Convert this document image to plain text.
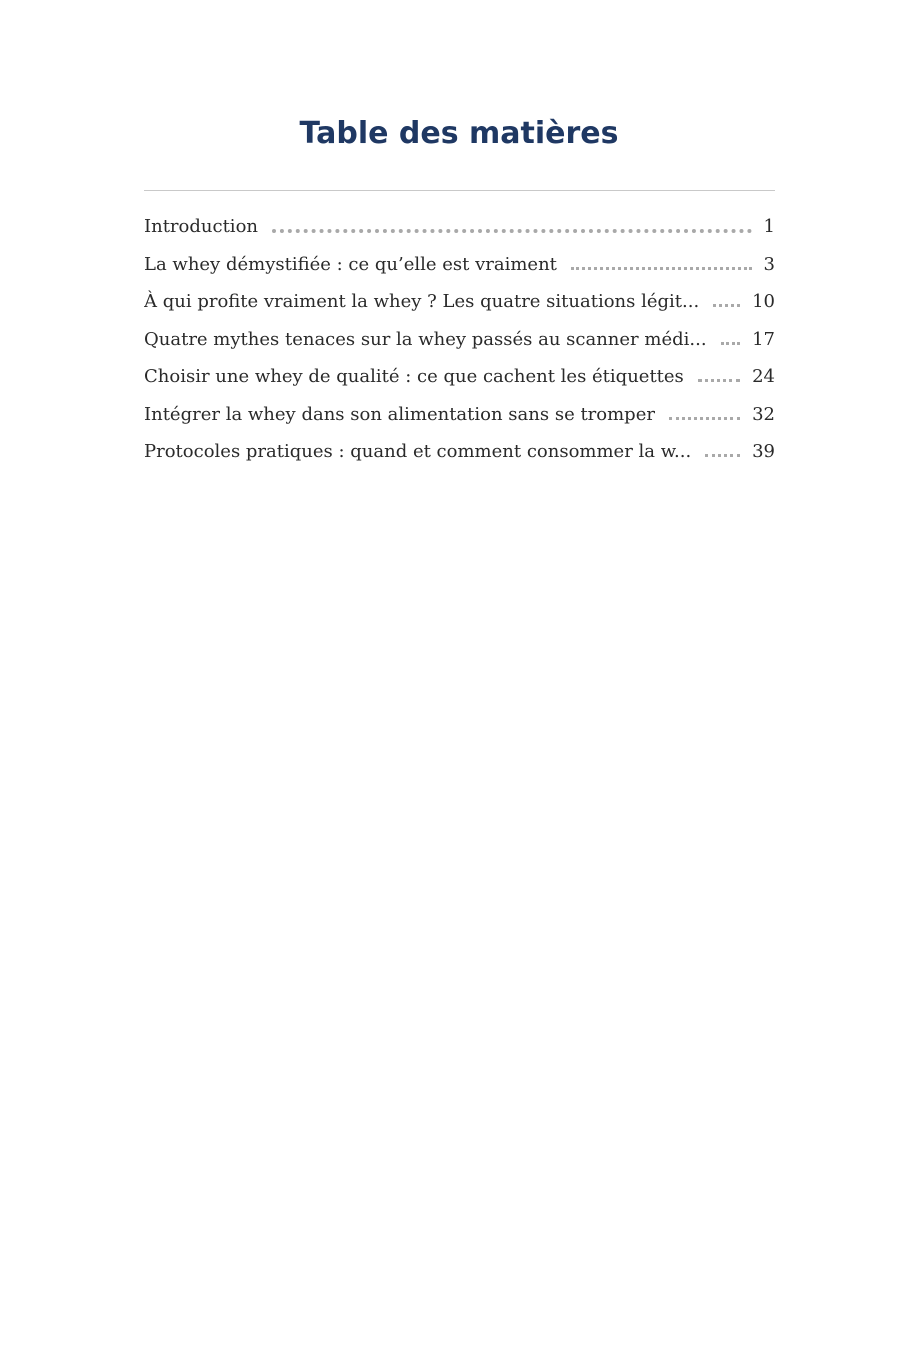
Table des matières
Introduction	1
La whey démystifiée : ce qu’elle est vraiment	3
À qui profite vraiment la whey ? Les quatre situations légit...	10
Quatre mythes tenaces sur la whey passés au scanner médi...	17
Choisir une whey de qualité : ce que cachent les étiquettes	24
Intégrer la whey dans son alimentation sans se tromper	32
Protocoles pratiques : quand et comment consommer la w...	39
